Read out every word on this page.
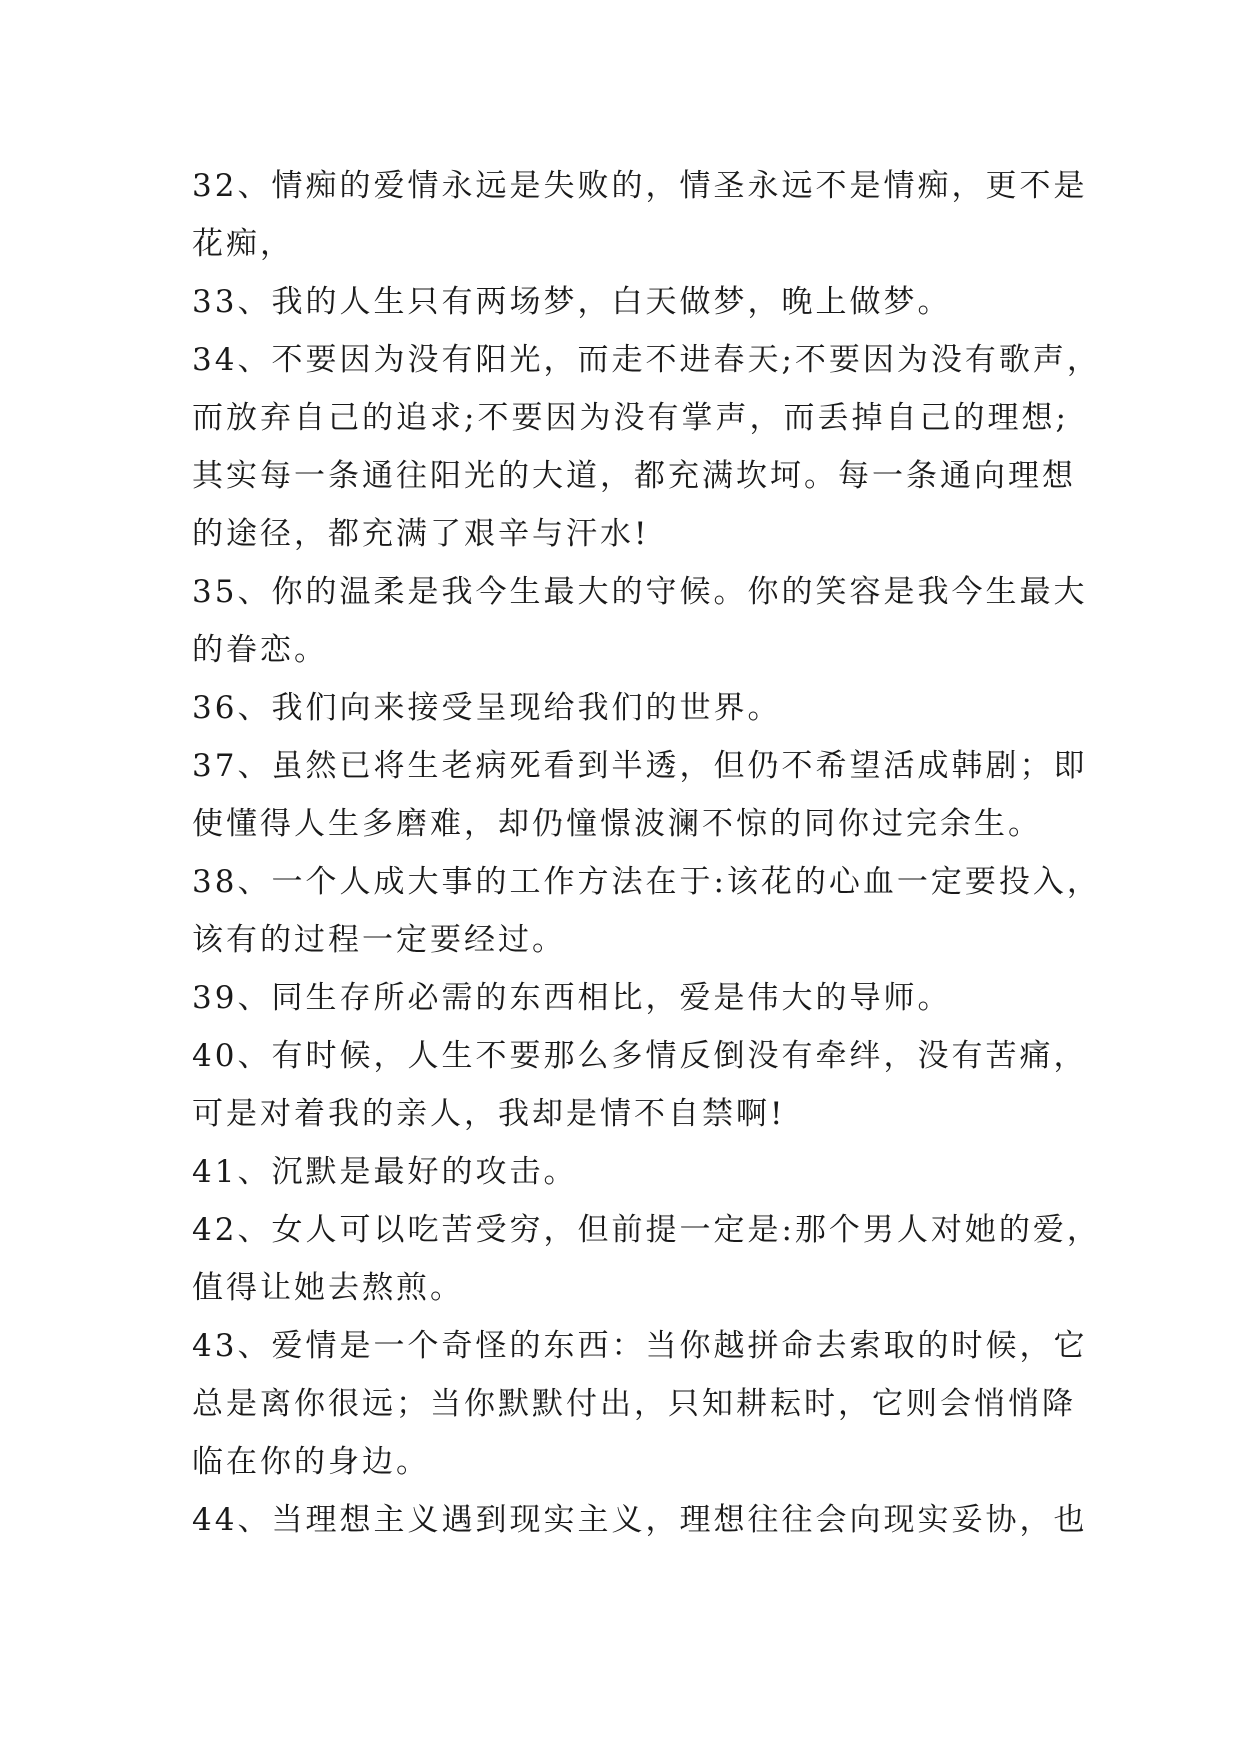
32、情痴的爱情永远是失败的，情圣永远不是情痴，更不是
花痴，
33、我的人生只有两场梦，白天做梦，晚上做梦。
34、不要因为没有阳光，而走不进春天;不要因为没有歌声，
而放弃自己的追求;不要因为没有掌声，而丢掉自己的理想;
其实每一条通往阳光的大道，都充满坎坷。每一条通向理想
的途径，都充满了艰辛与汗水!
35、你的温柔是我今生最大的守候。你的笑容是我今生最大
的眷恋。
36、我们向来接受呈现给我们的世界。
37、虽然已将生老病死看到半透，但仍不希望活成韩剧；即
使懂得人生多磨难，却仍憧憬波澜不惊的同你过完余生。
38、一个人成大事的工作方法在于:该花的心血一定要投入，
该有的过程一定要经过。
39、同生存所必需的东西相比，爱是伟大的导师。
40、有时候，人生不要那么多情反倒没有牵绊，没有苦痛，
可是对着我的亲人，我却是情不自禁啊!
41、沉默是最好的攻击。
42、女人可以吃苦受穷，但前提一定是:那个男人对她的爱，
值得让她去熬煎。
43、爱情是一个奇怪的东西：当你越拼命去索取的时候，它
总是离你很远；当你默默付出，只知耕耘时，它则会悄悄降
临在你的身边。
44、当理想主义遇到现实主义，理想往往会向现实妥协，也
